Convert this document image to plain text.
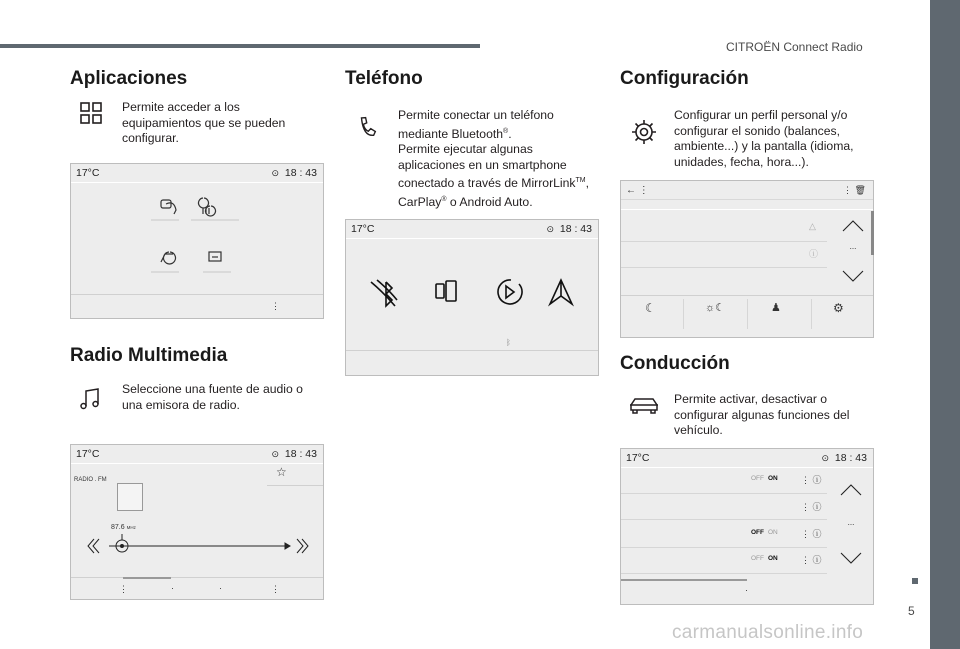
CITROËN Connect Radio
5
carmanualsonline.info
Aplicaciones
Permite acceder a los equipamientos que se pueden configurar.
17°C	⊙ 18 : 43
⋮
Radio Multimedia
Seleccione una fuente de audio o una emisora de radio.
17°C	⊙ 18 : 43
RADIO . FM
☆
87.6 MHz
⋮	·	·	⋮
Teléfono
Permite conectar un teléfono
mediante Bluetooth®.
Permite ejecutar algunas
aplicaciones en un smartphone
conectado a través de MirrorLink™,
CarPlay® o Android Auto.
17°C	⊙ 18 : 43
ᛒ
Configuración
Configurar un perfil personal y/o configurar el sonido (balances, ambiente...) y la pantalla (idioma, unidades, fecha, hora...).
← ⋮	⋮ 🗑
△
ⓘ
...
☾	☼☾	♟	⚙
Conducción
Permite activar, desactivar o configurar algunas funciones del vehículo.
17°C	⊙ 18 : 43
OFF ON
OFF ON
OFF ON
⋮ ⓘ
⋮ ⓘ
⋮ ⓘ
⋮ ⓘ
...
·
